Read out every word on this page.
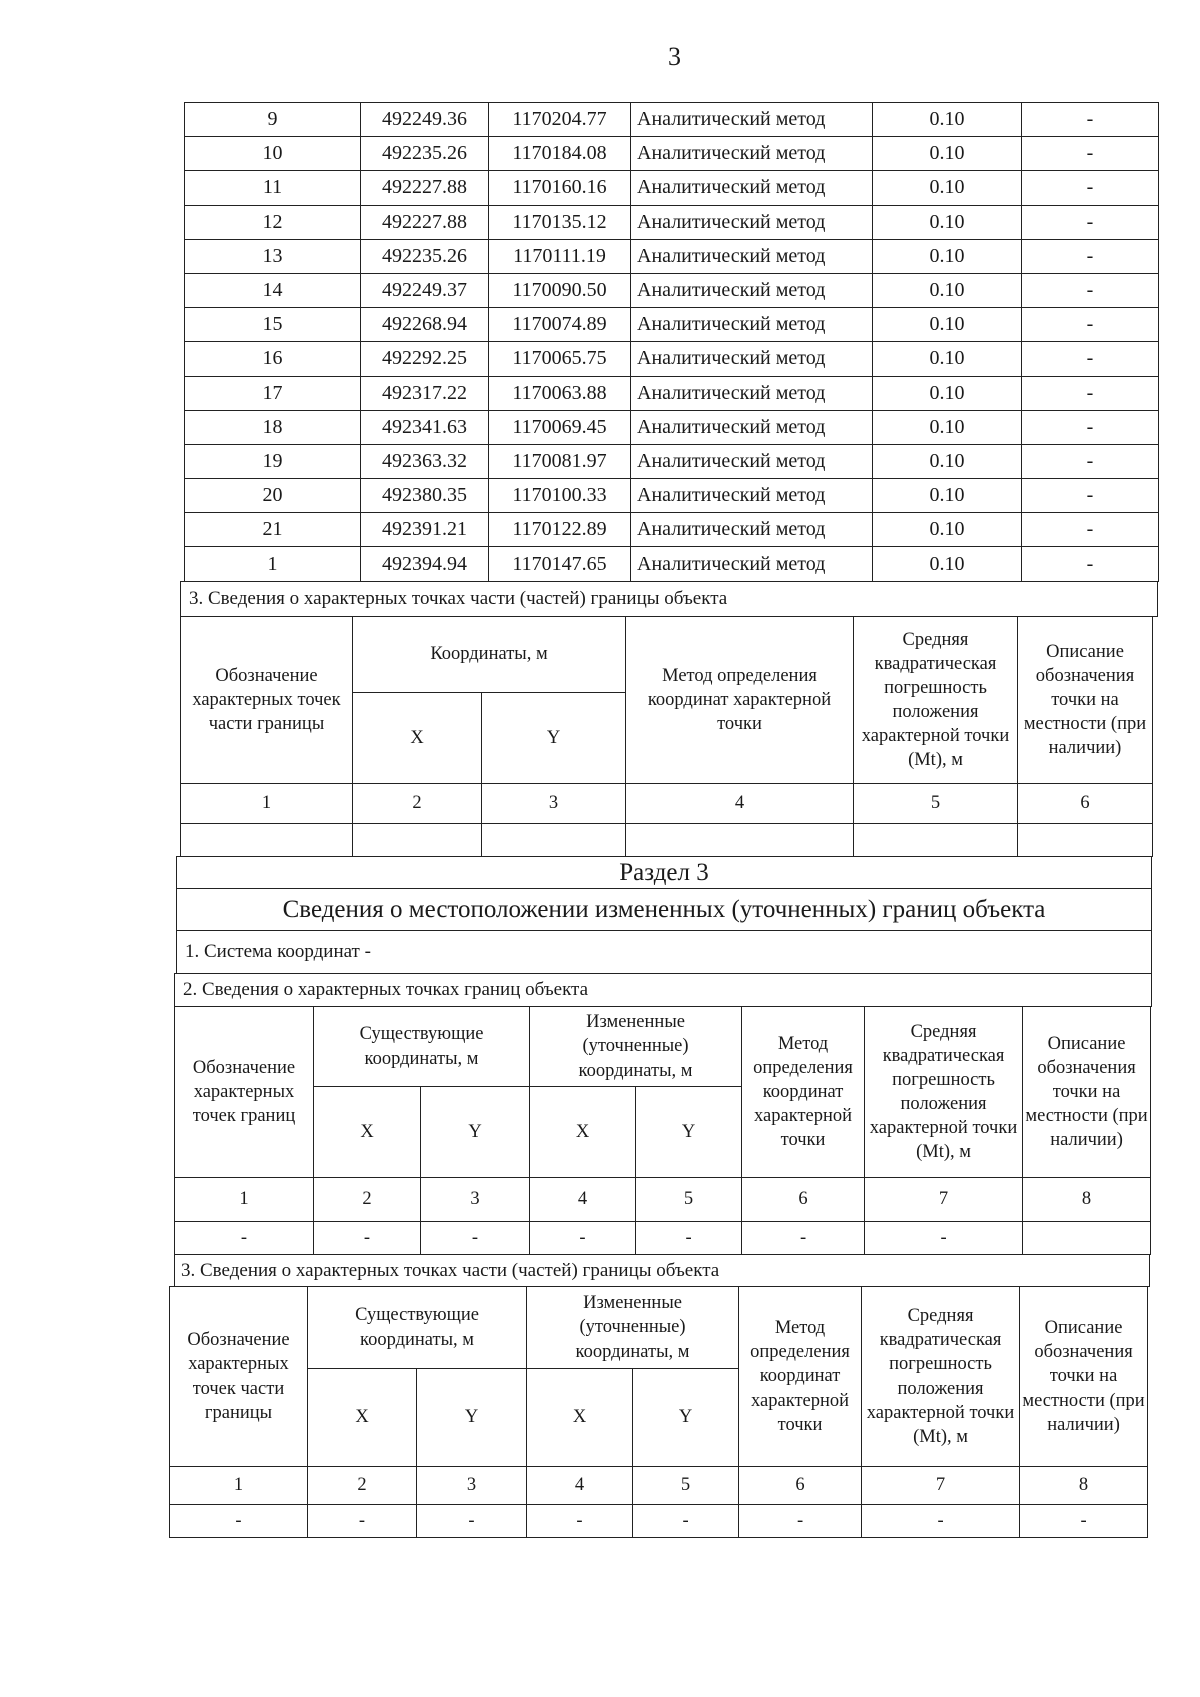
3
9	492249.36	1170204.77	Аналитический метод	0.10	-
10	492235.26	1170184.08	Аналитический метод	0.10	-
11	492227.88	1170160.16	Аналитический метод	0.10	-
12	492227.88	1170135.12	Аналитический метод	0.10	-
13	492235.26	1170111.19	Аналитический метод	0.10	-
14	492249.37	1170090.50	Аналитический метод	0.10	-
15	492268.94	1170074.89	Аналитический метод	0.10	-
16	492292.25	1170065.75	Аналитический метод	0.10	-
17	492317.22	1170063.88	Аналитический метод	0.10	-
18	492341.63	1170069.45	Аналитический метод	0.10	-
19	492363.32	1170081.97	Аналитический метод	0.10	-
20	492380.35	1170100.33	Аналитический метод	0.10	-
21	492391.21	1170122.89	Аналитический метод	0.10	-
1	492394.94	1170147.65	Аналитический метод	0.10	-
3. Сведения о характерных точках части (частей) границы объекта
Обозначение характерных точек части границы	Координаты, м		Метод определения координат характерной точки	Средняя квадратическая погрешность положения характерной точки (Mt), м	Описание обозначения точки на местности (при наличии)
	X	Y			
1	2	3	4	5	6

Раздел 3
Сведения о местоположении измененных (уточненных) границ объекта
1. Система координат -
2. Сведения о характерных точках границ объекта
Обозначение характерных точек границ	Существующие координаты, м		Измененные (уточненные) координаты, м		Метод определения координат характерной точки	Средняя квадратическая погрешность положения характерной точки (Mt), м	Описание обозначения точки на местности (при наличии)
	X	Y	X	Y			
1	2	3	4	5	6	7	8
-	-	-	-	-	-	-	
3. Сведения о характерных точках части (частей) границы объекта
Обозначение характерных точек части границы	Существующие координаты, м		Измененные (уточненные) координаты, м		Метод определения координат характерной точки	Средняя квадратическая погрешность положения характерной точки (Mt), м	Описание обозначения точки на местности (при наличии)
	X	Y	X	Y			
1	2	3	4	5	6	7	8
-	-	-	-	-	-	-	-
